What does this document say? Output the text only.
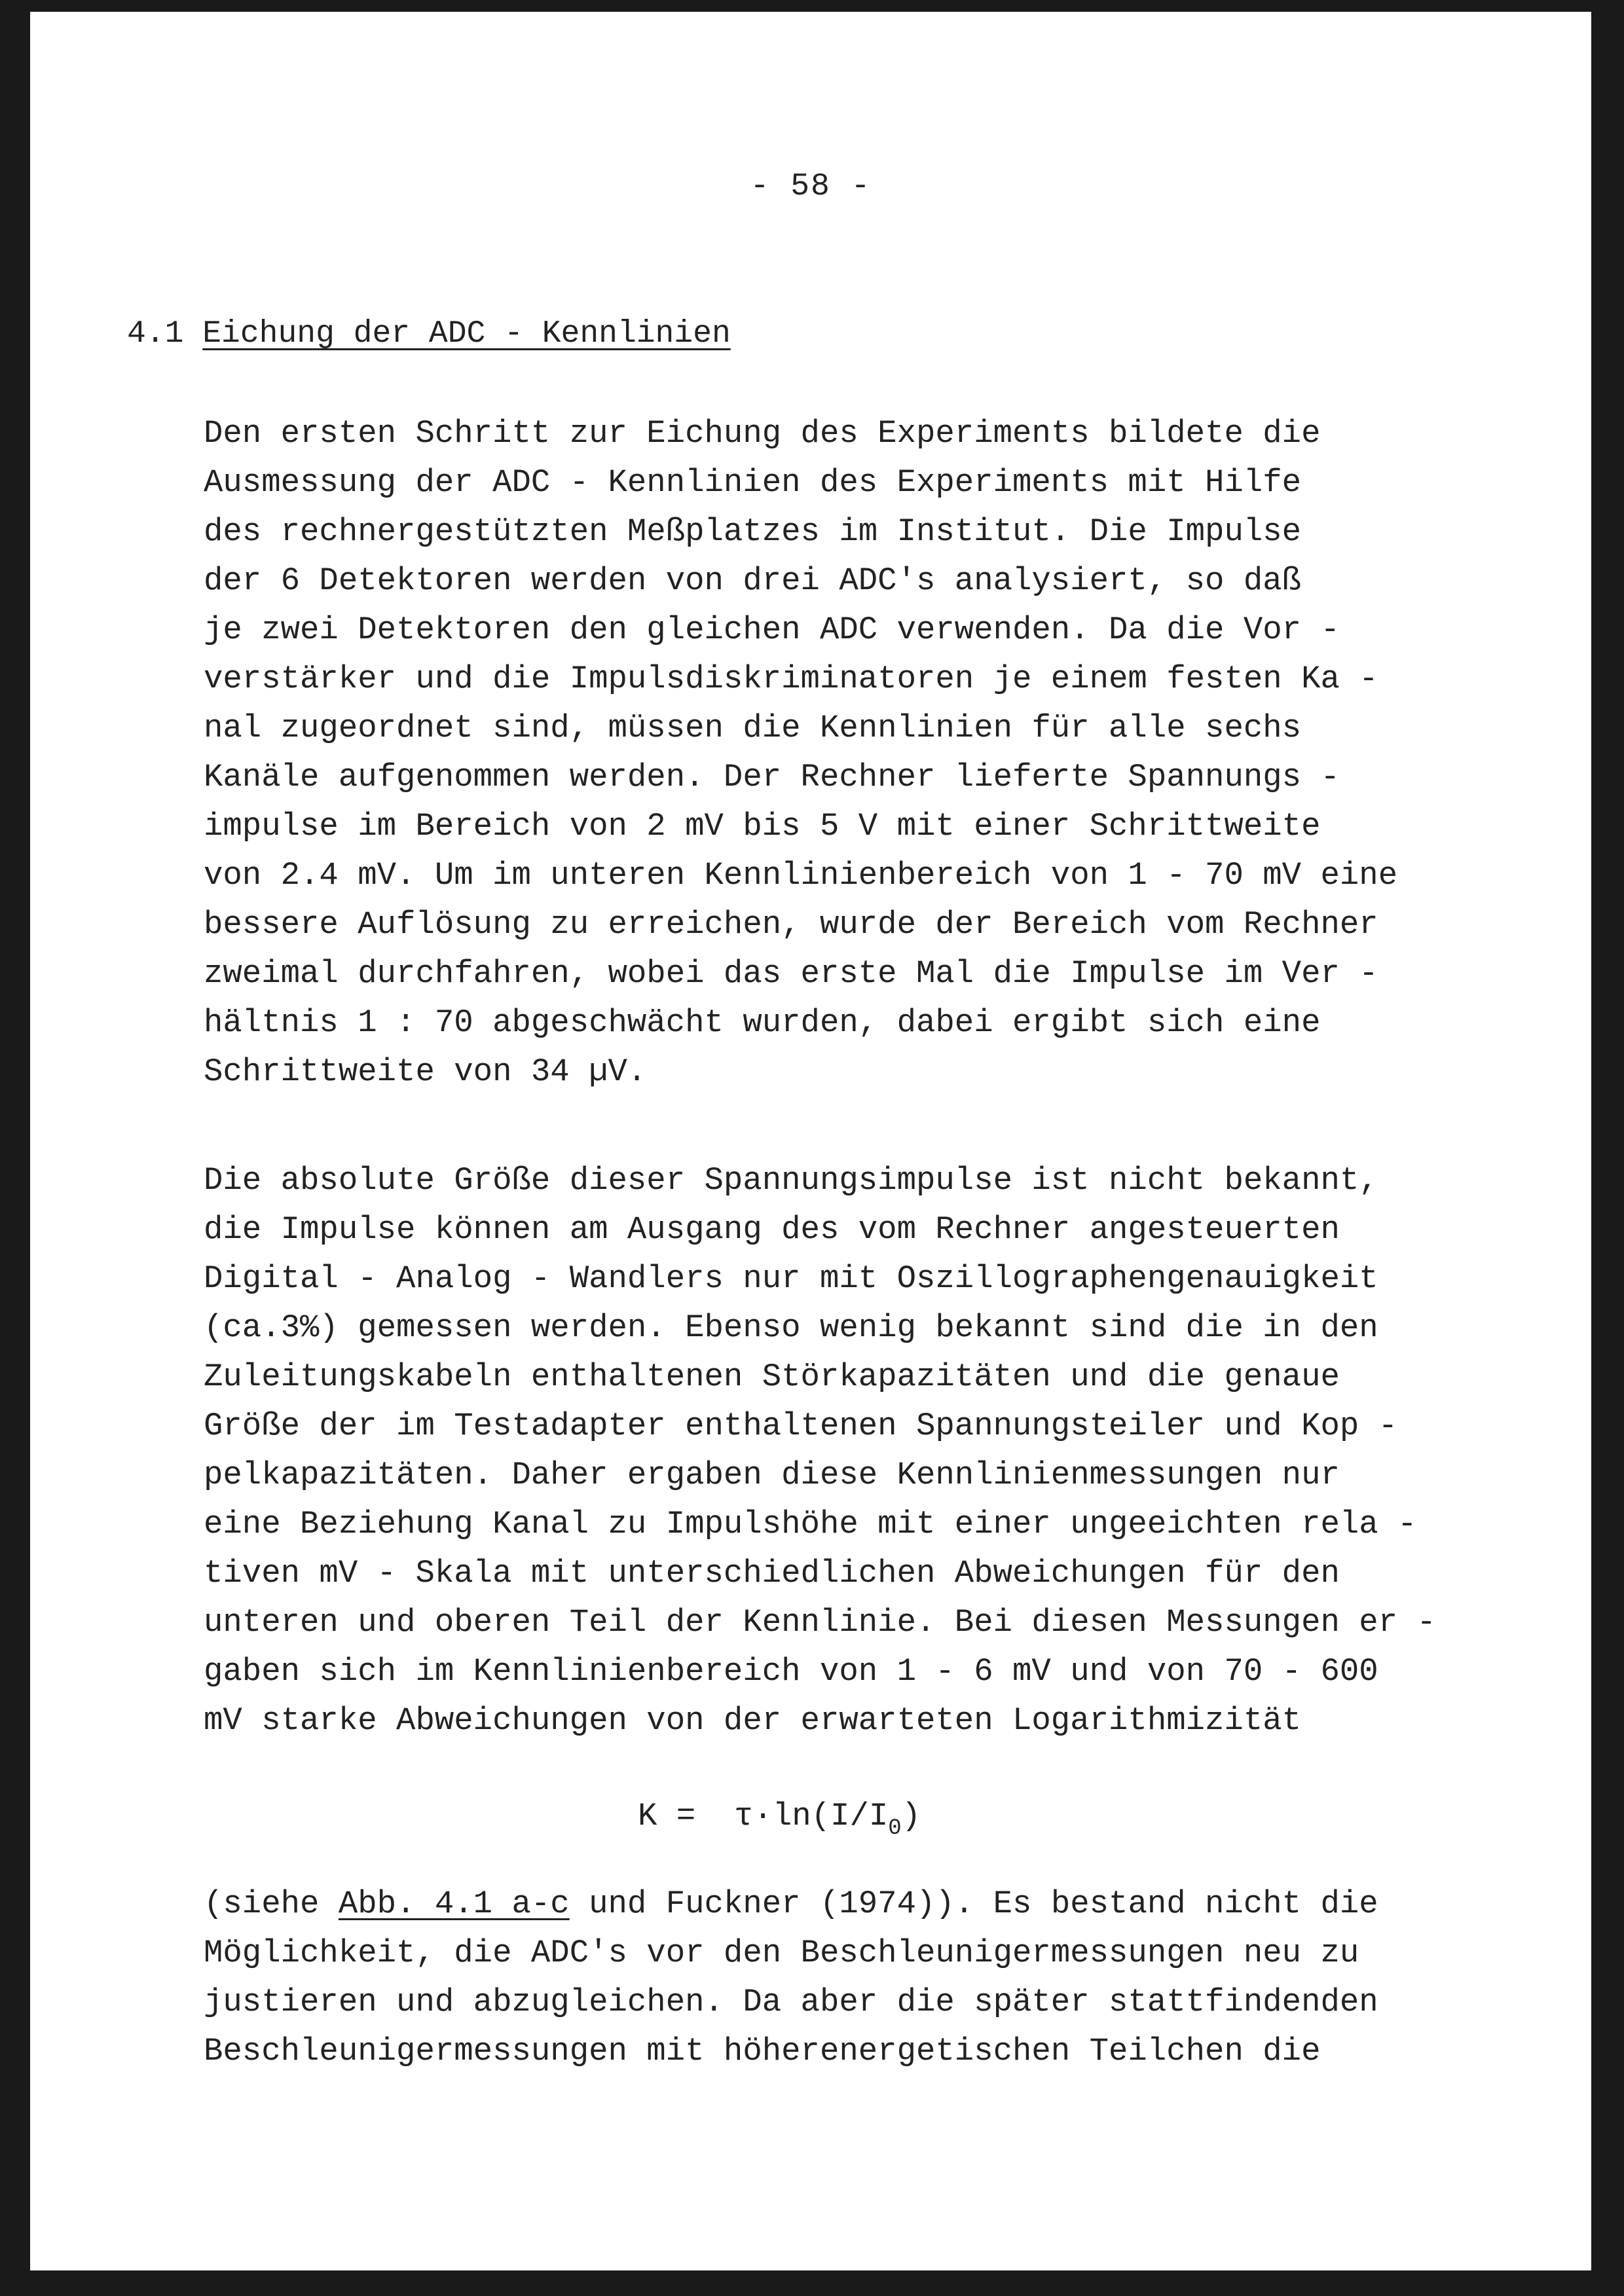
- 58 -
4.1 Eichung der ADC - Kennlinien

Den ersten Schritt zur Eichung des Experiments bildete die
Ausmessung der ADC - Kennlinien des Experiments mit Hilfe
des rechnergestützten Meßplatzes im Institut. Die Impulse
der 6 Detektoren werden von drei ADC's analysiert, so daß
je zwei Detektoren den gleichen ADC verwenden. Da die Vor -
verstärker und die Impulsdiskriminatoren je einem festen Ka -
nal zugeordnet sind, müssen die Kennlinien für alle sechs
Kanäle aufgenommen werden. Der Rechner lieferte Spannungs -
impulse im Bereich von 2 mV bis 5 V mit einer Schrittweite
von 2.4 mV. Um im unteren Kennlinienbereich von 1 - 70 mV eine
bessere Auflösung zu erreichen, wurde der Bereich vom Rechner
zweimal durchfahren, wobei das erste Mal die Impulse im Ver -
hältnis 1 : 70 abgeschwächt wurden, dabei ergibt sich eine
Schrittweite von 34 µV.

Die absolute Größe dieser Spannungsimpulse ist nicht bekannt,
die Impulse können am Ausgang des vom Rechner angesteuerten
Digital - Analog - Wandlers nur mit Oszillographengenauigkeit
(ca.3%) gemessen werden. Ebenso wenig bekannt sind die in den
Zuleitungskabeln enthaltenen Störkapazitäten und die genaue
Größe der im Testadapter enthaltenen Spannungsteiler und Kop -
pelkapazitäten. Daher ergaben diese Kennlinienmessungen nur
eine Beziehung Kanal zu Impulshöhe mit einer ungeeichten rela -
tiven mV - Skala mit unterschiedlichen Abweichungen für den
unteren und oberen Teil der Kennlinie. Bei diesen Messungen er -
gaben sich im Kennlinienbereich von 1 - 6 mV und von 70 - 600
mV starke Abweichungen von der erwarteten Logarithmizität

$K = \tau\cdot\ln(I/I_0)$

(siehe Abb. 4.1 a-c und Fuckner (1974)). Es bestand nicht die
Möglichkeit, die ADC's vor den Beschleunigermessungen neu zu
justieren und abzugleichen. Da aber die später stattfindenden
Beschleunigermessungen mit höherenergetischen Teilchen die
